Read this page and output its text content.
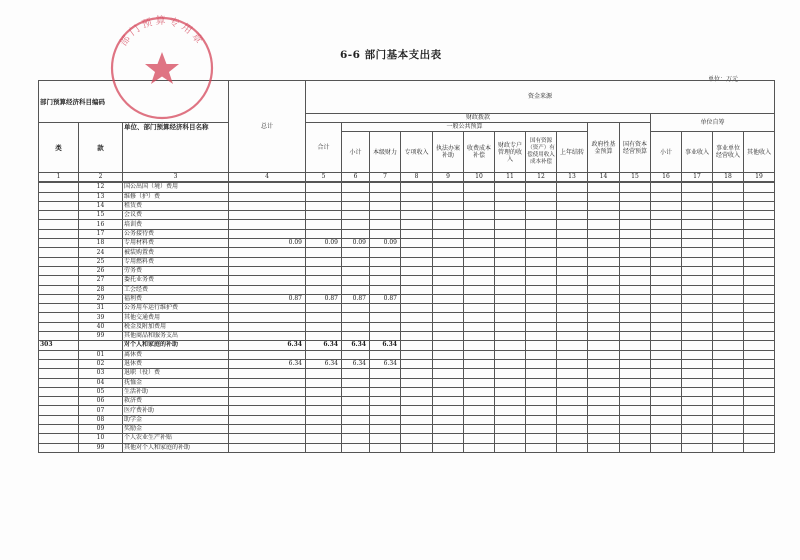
6-6 部门基本支出表
单位：万元
部门预算经济科目编码			总计	资金来源														
				财政拨款											单位自筹			
类	款	单位、部门预算经济科目名称		合计	一般公共预算								政府性基金预算	国有资本经营预算				
					小计	本级财力	专项收入	执法办案补助	收费成本补偿	财政专户管理的收入	国有资源（资产）有偿使用收入成本补偿	上年结转			小计	事业收入	事业单位经营收入	其他收入
1	2	3	4	5	6	7	8	9	10	11	12	13	14	15	16	17	18	19
	12	国公出国（境）费用																
	13	维修（护）费																
	14	租赁费																
	15	会议费																
	16	培训费																
	17	公务接待费																
	18	专用材料费	0.09	0.09	0.09	0.09												
	24	被装购置费																
	25	专用燃料费																
	26	劳务费																
	27	委托业务费																
	28	工会经费																
	29	福利费	0.87	0.87	0.87	0.87												
	31	公务用车运行维护费																
	39	其他交通费用																
	40	税金及附加费用																
	99	其他商品和服务支出																
303		对个人和家庭的补助	6.34	6.34	6.34	6.34												
	01	离休费																
	02	退休费	6.34	6.34	6.34	6.34												
	03	退职（役）费																
	04	抚恤金																
	05	生活补助																
	06	救济费																
	07	医疗费补助																
	08	助学金																
	09	奖励金																
	10	个人农业生产补贴																
	99	其他对个人和家庭的补助																
部门预算专用章
